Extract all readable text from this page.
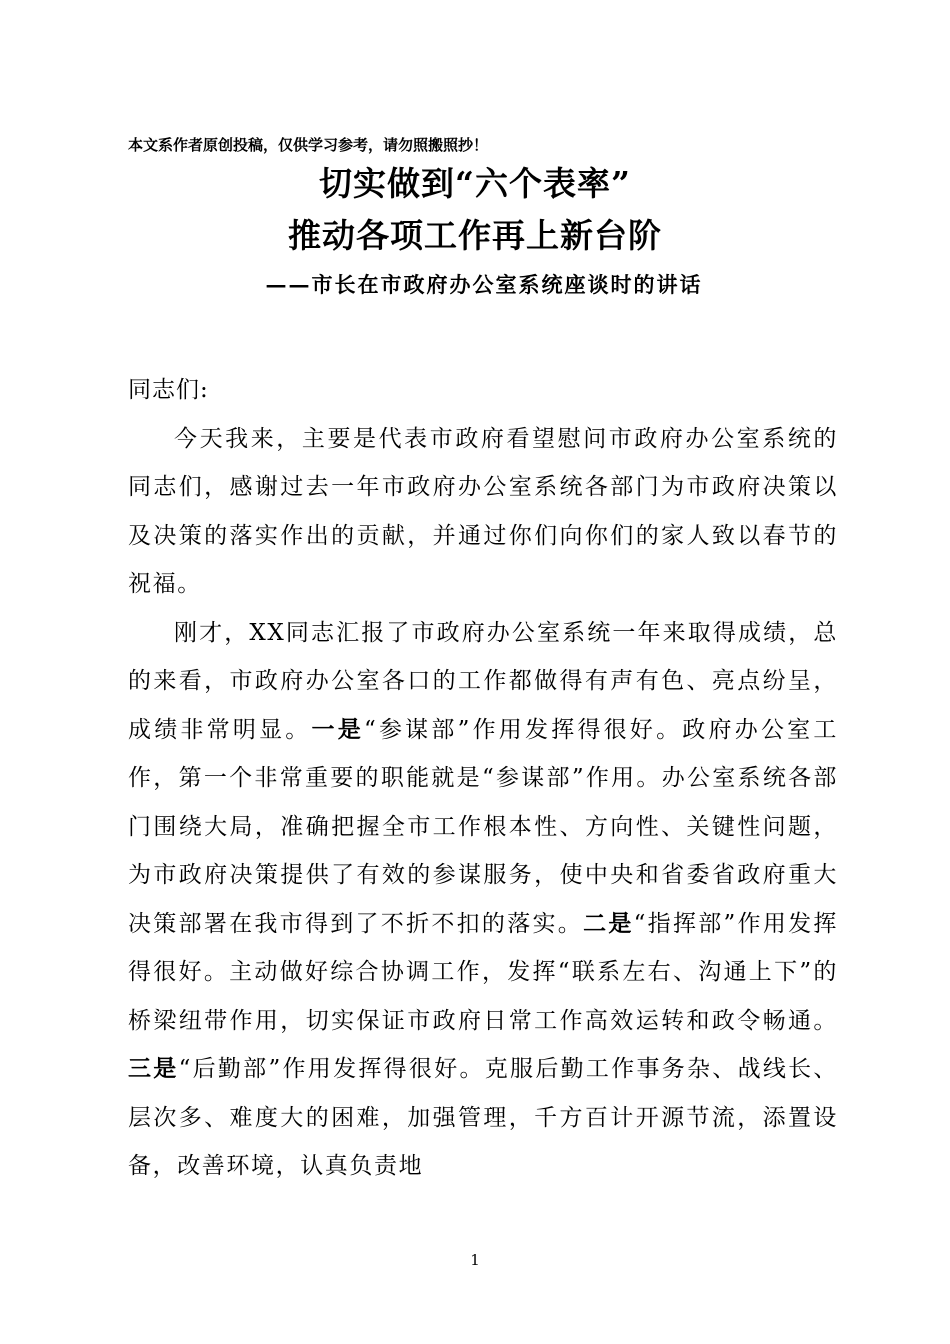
本文系作者原创投稿，仅供学习参考，请勿照搬照抄！
切实做到“六个表率”
推动各项工作再上新台阶
——市长在市政府办公室系统座谈时的讲话

同志们:

今天我来，主要是代表市政府看望慰问市政府办公室系统的同志们，感谢过去一年市政府办公室系统各部门为市政府决策以及决策的落实作出的贡献，并通过你们向你们的家人致以春节的祝福。

刚才，XX同志汇报了市政府办公室系统一年来取得成绩，总的来看，市政府办公室各口的工作都做得有声有色、亮点纷呈，成绩非常明显。一是“参谋部”作用发挥得很好。政府办公室工作，第一个非常重要的职能就是“参谋部”作用。办公室系统各部门围绕大局，准确把握全市工作根本性、方向性、关键性问题，为市政府决策提供了有效的参谋服务，使中央和省委省政府重大决策部署在我市得到了不折不扣的落实。二是“指挥部”作用发挥得很好。主动做好综合协调工作，发挥“联系左右、沟通上下”的桥梁纽带作用，切实保证市政府日常工作高效运转和政令畅通。三是“后勤部”作用发挥得很好。克服后勤工作事务杂、战线长、层次多、难度大的困难，加强管理，千方百计开源节流，添置设备，改善环境，认真负责地

1
